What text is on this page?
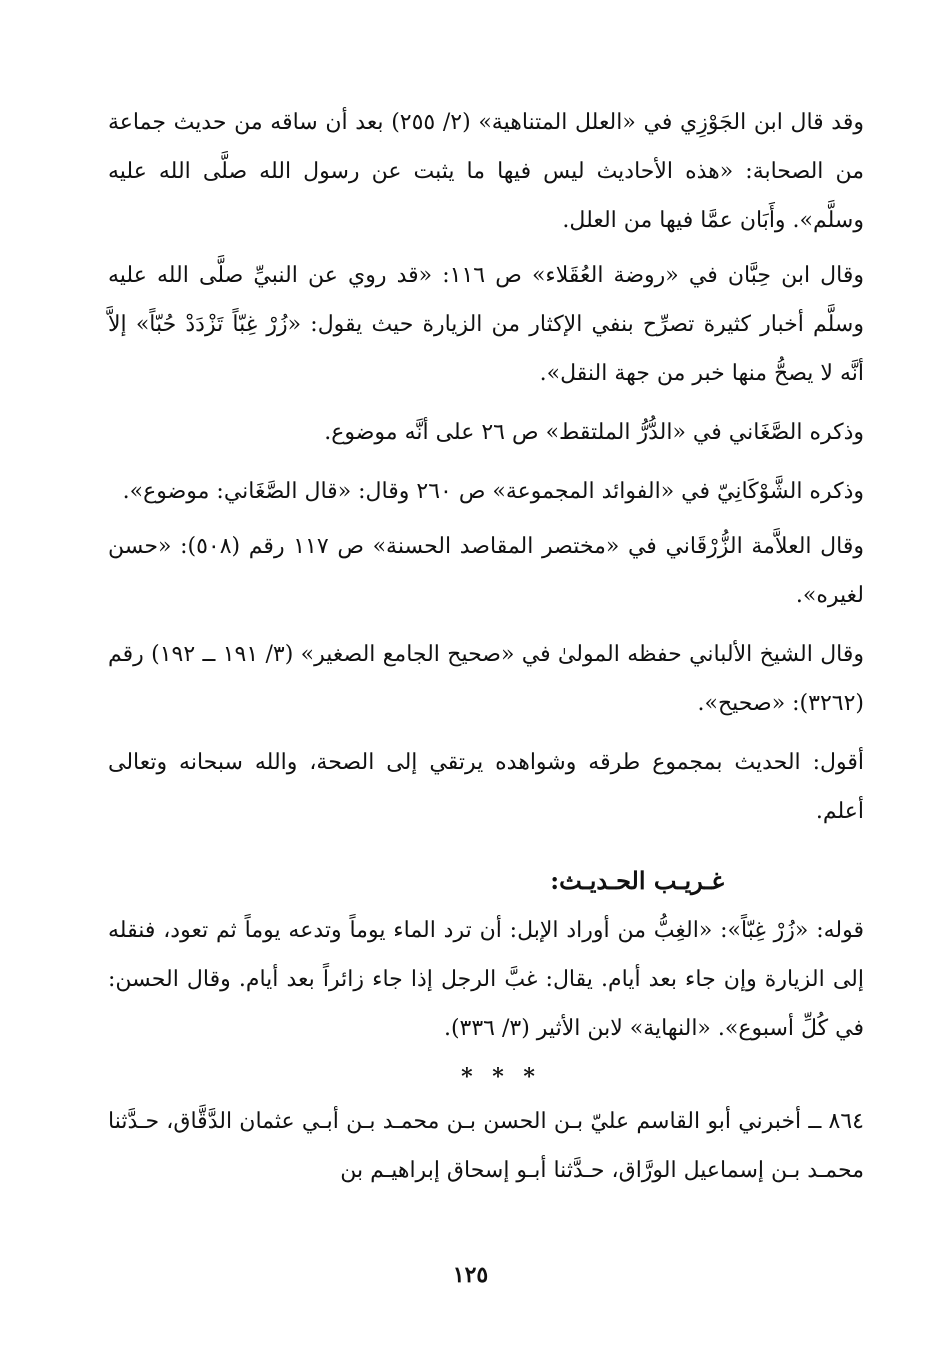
وقد قال ابن الجَوْزِي في «العلل المتناهية» (٢/ ٢٥٥) بعد أن ساقه من حديث جماعة من الصحابة: «هذه الأحاديث ليس فيها ما يثبت عن رسول الله صلَّى الله عليه وسلَّم». وأَبَان عمَّا فيها من العلل.

وقال ابن حِبَّان في «روضة العُقَلاء» ص ١١٦: «قد روي عن النبيِّ صلَّى الله عليه وسلَّم أخبار كثيرة تصرِّح بنفي الإكثار من الزيارة حيث يقول: «زُرْ غِبّاً تَزْدَدْ حُبّاً» إلاَّ أنَّه لا يصحُّ منها خبر من جهة النقل».

وذكره الصَّغَاني في «الدُّرُّ الملتقط» ص ٢٦ على أنَّه موضوع.

وذكره الشَّوْكَانِيّ في «الفوائد المجموعة» ص ٢٦٠ وقال: «قال الصَّغَاني: موضوع».

وقال العلاَّمة الزُّرْقَاني في «مختصر المقاصد الحسنة» ص ١١٧ رقم (٥٠٨): «حسن لغيره».

وقال الشيخ الألباني حفظه المولىٰ في «صحيح الجامع الصغير» (٣/ ١٩١ ــ ١٩٢) رقم (٣٢٦٢): «صحيح».

أقول: الحديث بمجموع طرقه وشواهده يرتقي إلى الصحة، والله سبحانه وتعالى أعلم.

غـريـب الحـديـث:

قوله: «زُرْ غِبّاً»: «الغِبُّ من أوراد الإبل: أن ترد الماء يوماً وتدعه يوماً ثم تعود، فنقله إلى الزيارة وإن جاء بعد أيام. يقال: غبَّ الرجل إذا جاء زائراً بعد أيام. وقال الحسن: في كُلِّ أسبوع». «النهاية» لابن الأثير (٣/ ٣٣٦).

* * *

٨٦٤ ــ أخبرني أبو القاسم عليّ بـن الحسن بـن محمـد بـن أبـي عثمان الدَّقَّاق، حـدَّثنا محمـد بـن إسماعيل الورَّاق، حـدَّثنا أبـو إسحاق إبراهيـم بن

١٢٥
